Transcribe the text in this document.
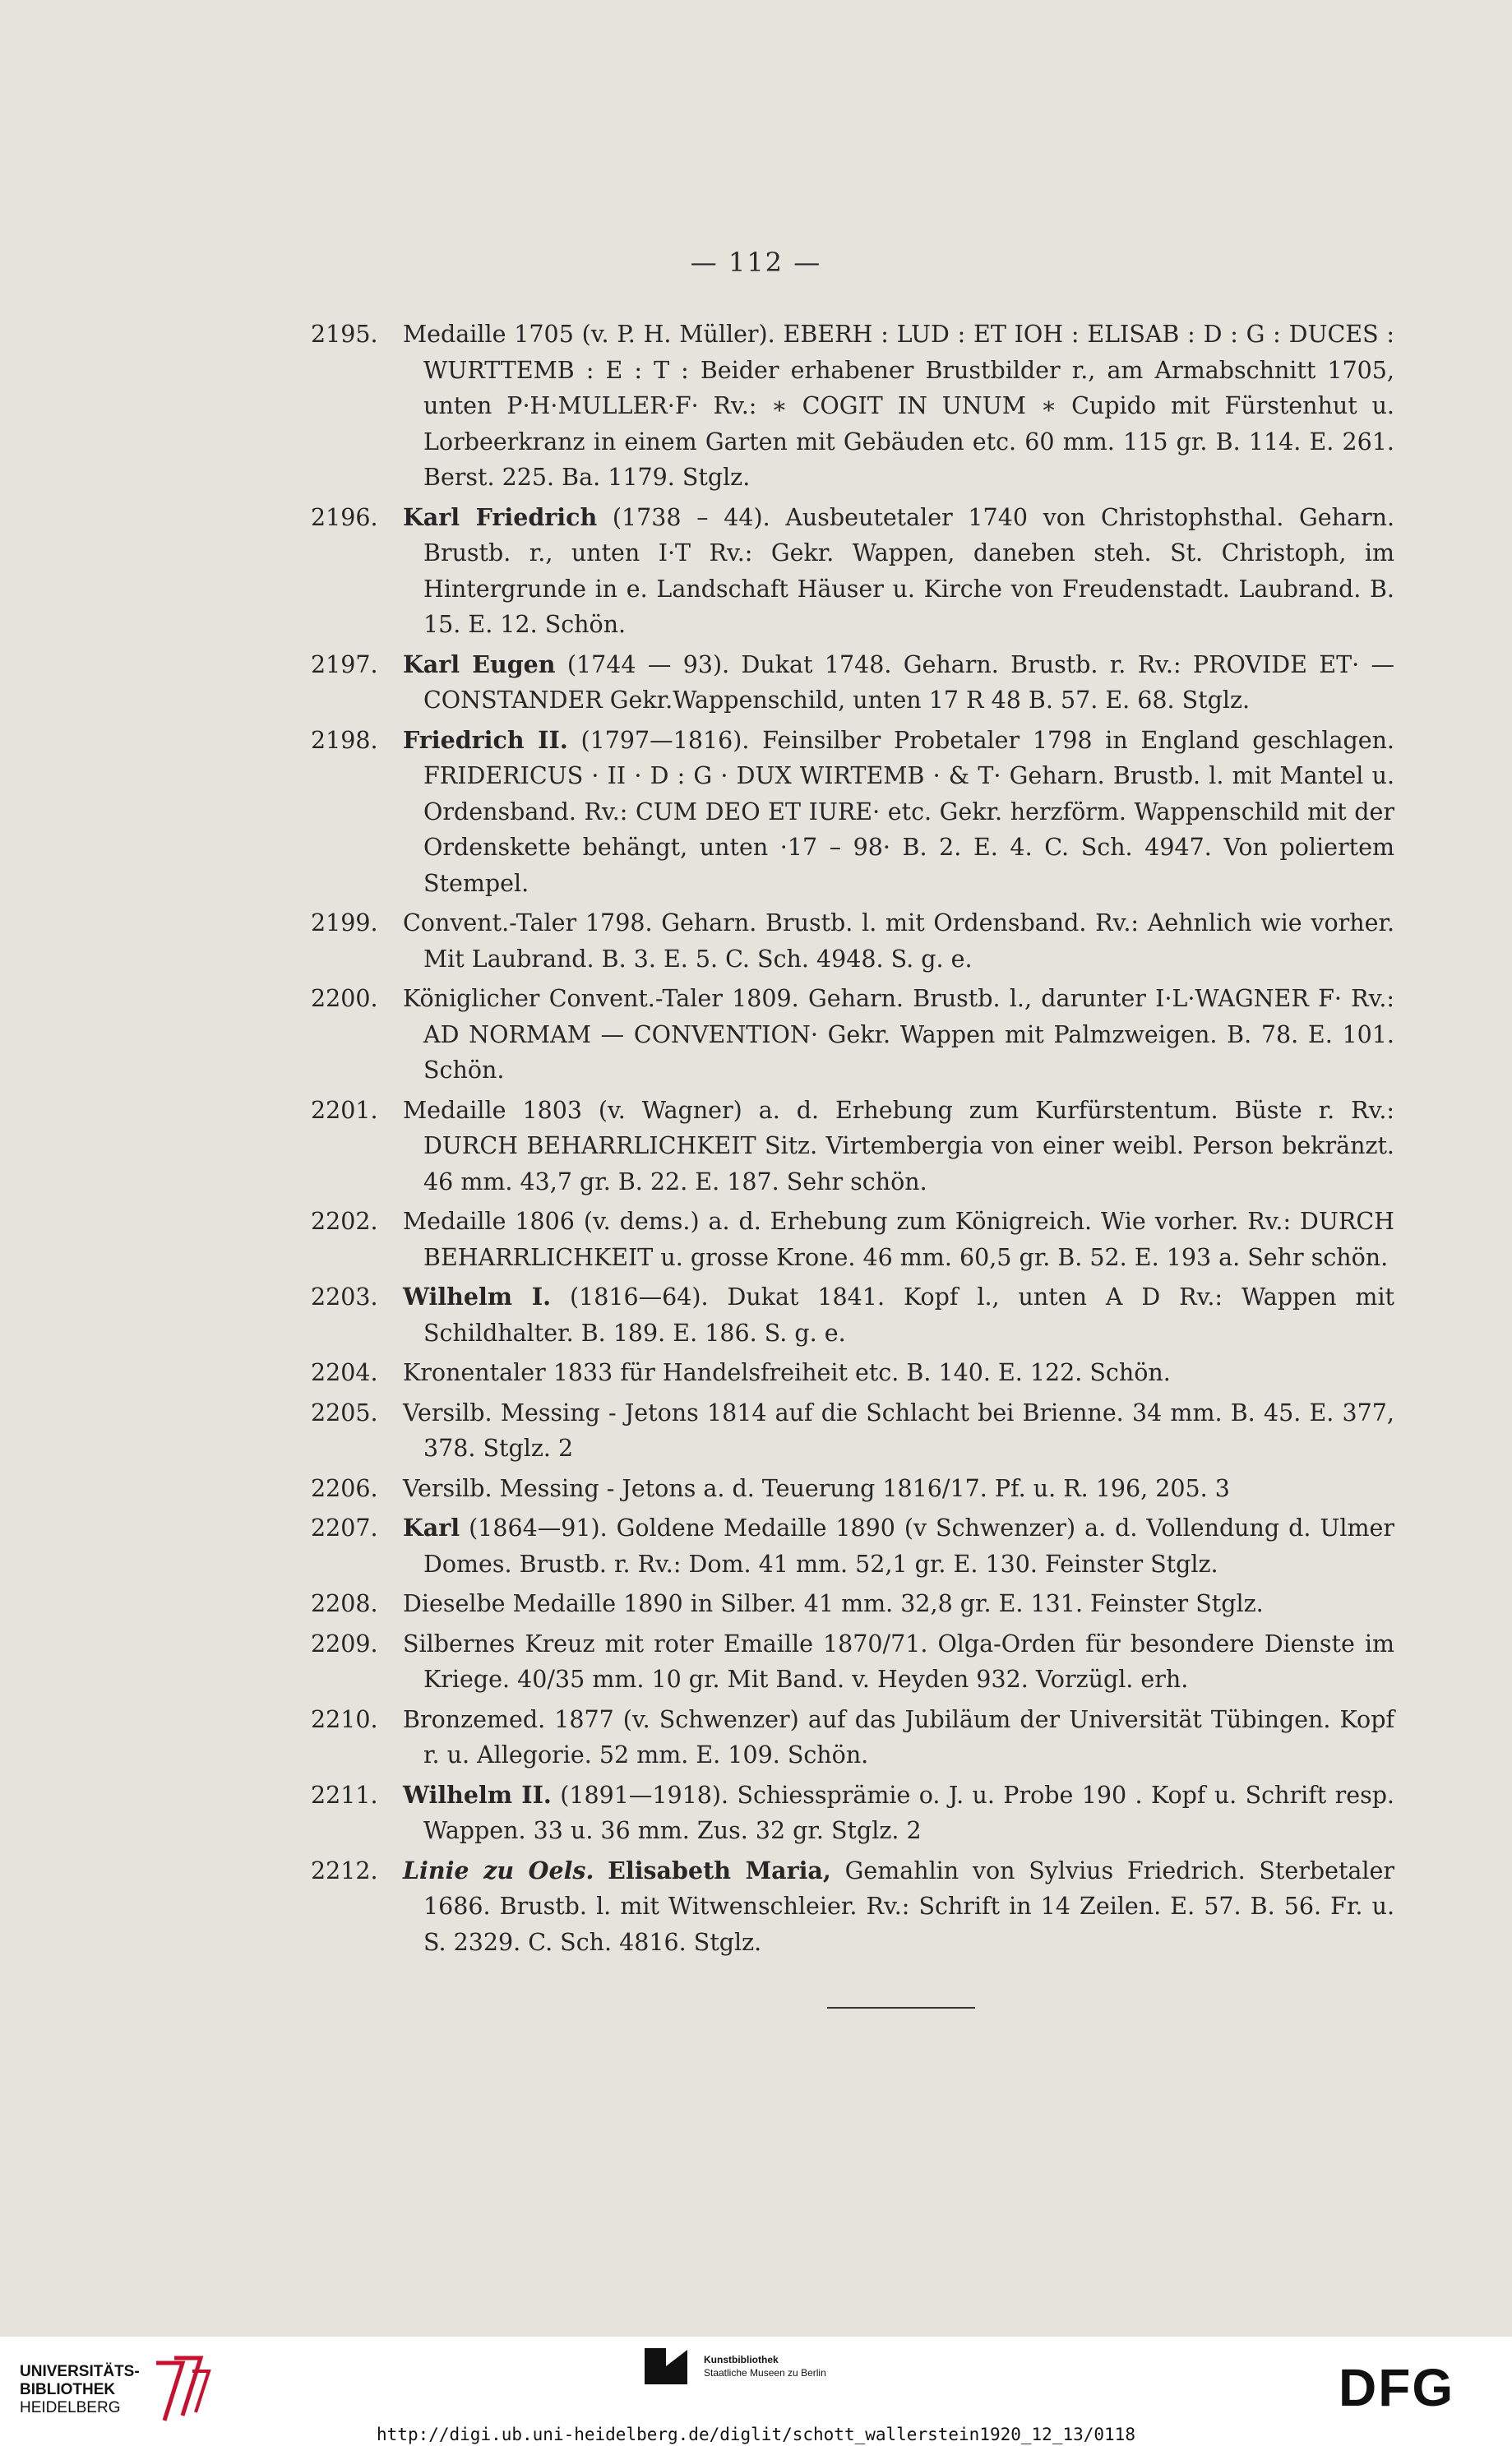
— 112 —
2195. Medaille 1705 (v. P. H. Müller). EBERH : LUD : ET IOH : ELISAB : D : G : DUCES : WURTTEMB : E : T : Beider erhabener Brustbilder r., am Armabschnitt 1705, unten P·H·MULLER·F· Rv.: ∗ COGIT IN UNUM ∗ Cupido mit Fürstenhut u. Lorbeerkranz in einem Garten mit Gebäuden etc. 60 mm. 115 gr. B. 114. E. 261. Berst. 225. Ba. 1179. Stglz.
2196. Karl Friedrich (1738 – 44). Ausbeutetaler 1740 von Christophsthal. Geharn. Brustb. r., unten I·T Rv.: Gekr. Wappen, daneben steh. St. Christoph, im Hintergrunde in e. Landschaft Häuser u. Kirche von Freudenstadt. Laubrand. B. 15. E. 12. Schön.
2197. Karl Eugen (1744 — 93). Dukat 1748. Geharn. Brustb. r. Rv.: PROVIDE ET· — CONSTANDER Gekr.Wappenschild, unten 17 R 48 B. 57. E. 68. Stglz.
2198. Friedrich II. (1797—1816). Feinsilber Probetaler 1798 in England geschlagen. FRIDERICUS · II · D : G · DUX WIRTEMB · & T· Geharn. Brustb. l. mit Mantel u. Ordensband. Rv.: CUM DEO ET IURE· etc. Gekr. herzförm. Wappenschild mit der Ordenskette behängt, unten ·17 – 98· B. 2. E. 4. C. Sch. 4947. Von poliertem Stempel.
2199. Convent.-Taler 1798. Geharn. Brustb. l. mit Ordensband. Rv.: Aehnlich wie vorher. Mit Laubrand. B. 3. E. 5. C. Sch. 4948. S. g. e.
2200. Königlicher Convent.-Taler 1809. Geharn. Brustb. l., darunter I·L·WAGNER F· Rv.: AD NORMAM — CONVENTION· Gekr. Wappen mit Palmzweigen. B. 78. E. 101. Schön.
2201. Medaille 1803 (v. Wagner) a. d. Erhebung zum Kurfürstentum. Büste r. Rv.: DURCH BEHARRLICHKEIT Sitz. Virtembergia von einer weibl. Person bekränzt. 46 mm. 43,7 gr. B. 22. E. 187. Sehr schön.
2202. Medaille 1806 (v. dems.) a. d. Erhebung zum Königreich. Wie vorher. Rv.: DURCH BEHARRLICHKEIT u. grosse Krone. 46 mm. 60,5 gr. B. 52. E. 193 a. Sehr schön.
2203. Wilhelm I. (1816—64). Dukat 1841. Kopf l., unten A D Rv.: Wappen mit Schildhalter. B. 189. E. 186. S. g. e.
2204. Kronentaler 1833 für Handelsfreiheit etc. B. 140. E. 122. Schön.
2205. Versilb. Messing - Jetons 1814 auf die Schlacht bei Brienne. 34 mm. B. 45. E. 377, 378. Stglz. 2
2206. Versilb. Messing - Jetons a. d. Teuerung 1816/17. Pf. u. R. 196, 205. 3
2207. Karl (1864—91). Goldene Medaille 1890 (v Schwenzer) a. d. Vollendung d. Ulmer Domes. Brustb. r. Rv.: Dom. 41 mm. 52,1 gr. E. 130. Feinster Stglz.
2208. Dieselbe Medaille 1890 in Silber. 41 mm. 32,8 gr. E. 131. Feinster Stglz.
2209. Silbernes Kreuz mit roter Emaille 1870/71. Olga-Orden für besondere Dienste im Kriege. 40/35 mm. 10 gr. Mit Band. v. Heyden 932. Vorzügl. erh.
2210. Bronzemed. 1877 (v. Schwenzer) auf das Jubiläum der Universität Tübingen. Kopf r. u. Allegorie. 52 mm. E. 109. Schön.
2211. Wilhelm II. (1891—1918). Schiessprämie o. J. u. Probe 190 . Kopf u. Schrift resp. Wappen. 33 u. 36 mm. Zus. 32 gr. Stglz. 2
2212. Linie zu Oels. Elisabeth Maria, Gemahlin von Sylvius Friedrich. Sterbetaler 1686. Brustb. l. mit Witwenschleier. Rv.: Schrift in 14 Zeilen. E. 57. B. 56. Fr. u. S. 2329. C. Sch. 4816. Stglz.
UNIVERSITÄTS-
BIBLIOTHEK
HEIDELBERG
Kunstbibliothek
Staatliche Museen zu Berlin	DFG
http://digi.ub.uni-heidelberg.de/diglit/schott_wallerstein1920_12_13/0118
